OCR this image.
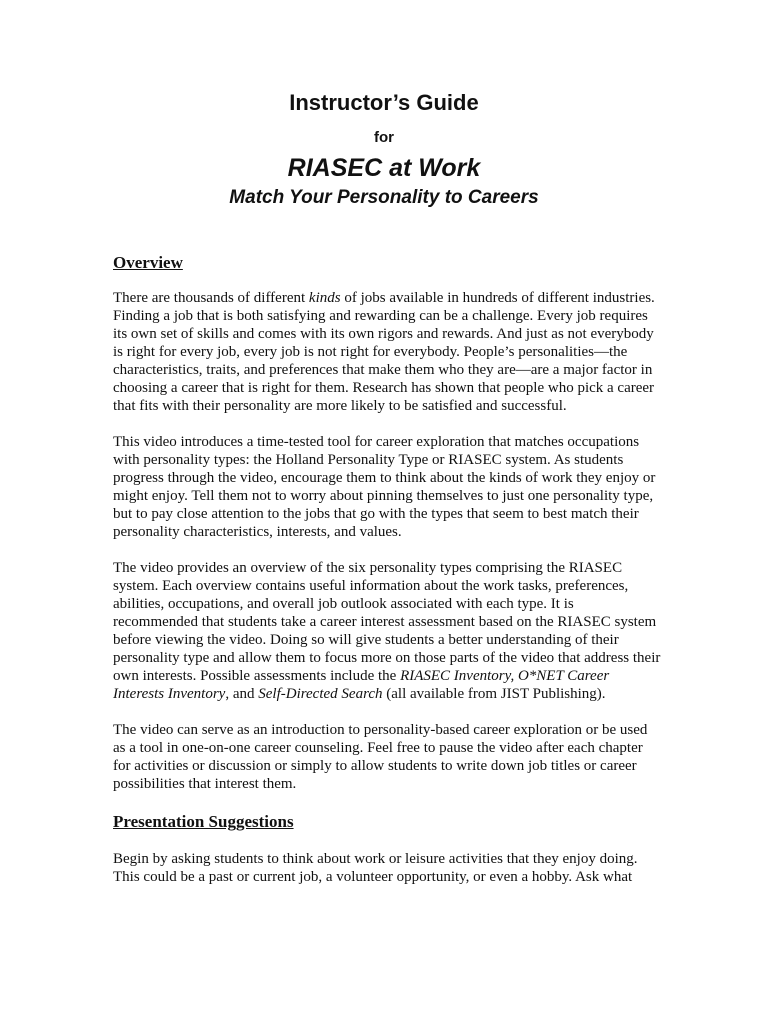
Instructor’s Guide
for
RIASEC at Work
Match Your Personality to Careers
Overview

There are thousands of different kinds of jobs available in hundreds of different industries. Finding a job that is both satisfying and rewarding can be a challenge. Every job requires its own set of skills and comes with its own rigors and rewards. And just as not everybody is right for every job, every job is not right for everybody. People’s personalities—the characteristics, traits, and preferences that make them who they are—are a major factor in choosing a career that is right for them. Research has shown that people who pick a career that fits with their personality are more likely to be satisfied and successful.

This video introduces a time-tested tool for career exploration that matches occupations with personality types: the Holland Personality Type or RIASEC system. As students progress through the video, encourage them to think about the kinds of work they enjoy or might enjoy. Tell them not to worry about pinning themselves to just one personality type, but to pay close attention to the jobs that go with the types that seem to best match their personality characteristics, interests, and values.

The video provides an overview of the six personality types comprising the RIASEC system. Each overview contains useful information about the work tasks, preferences, abilities, occupations, and overall job outlook associated with each type. It is recommended that students take a career interest assessment based on the RIASEC system before viewing the video. Doing so will give students a better understanding of their personality type and allow them to focus more on those parts of the video that address their own interests. Possible assessments include the RIASEC Inventory, O*NET Career Interests Inventory, and Self-Directed Search (all available from JIST Publishing).

The video can serve as an introduction to personality-based career exploration or be used as a tool in one-on-one career counseling. Feel free to pause the video after each chapter for activities or discussion or simply to allow students to write down job titles or career possibilities that interest them.

Presentation Suggestions

Begin by asking students to think about work or leisure activities that they enjoy doing. This could be a past or current job, a volunteer opportunity, or even a hobby. Ask what
